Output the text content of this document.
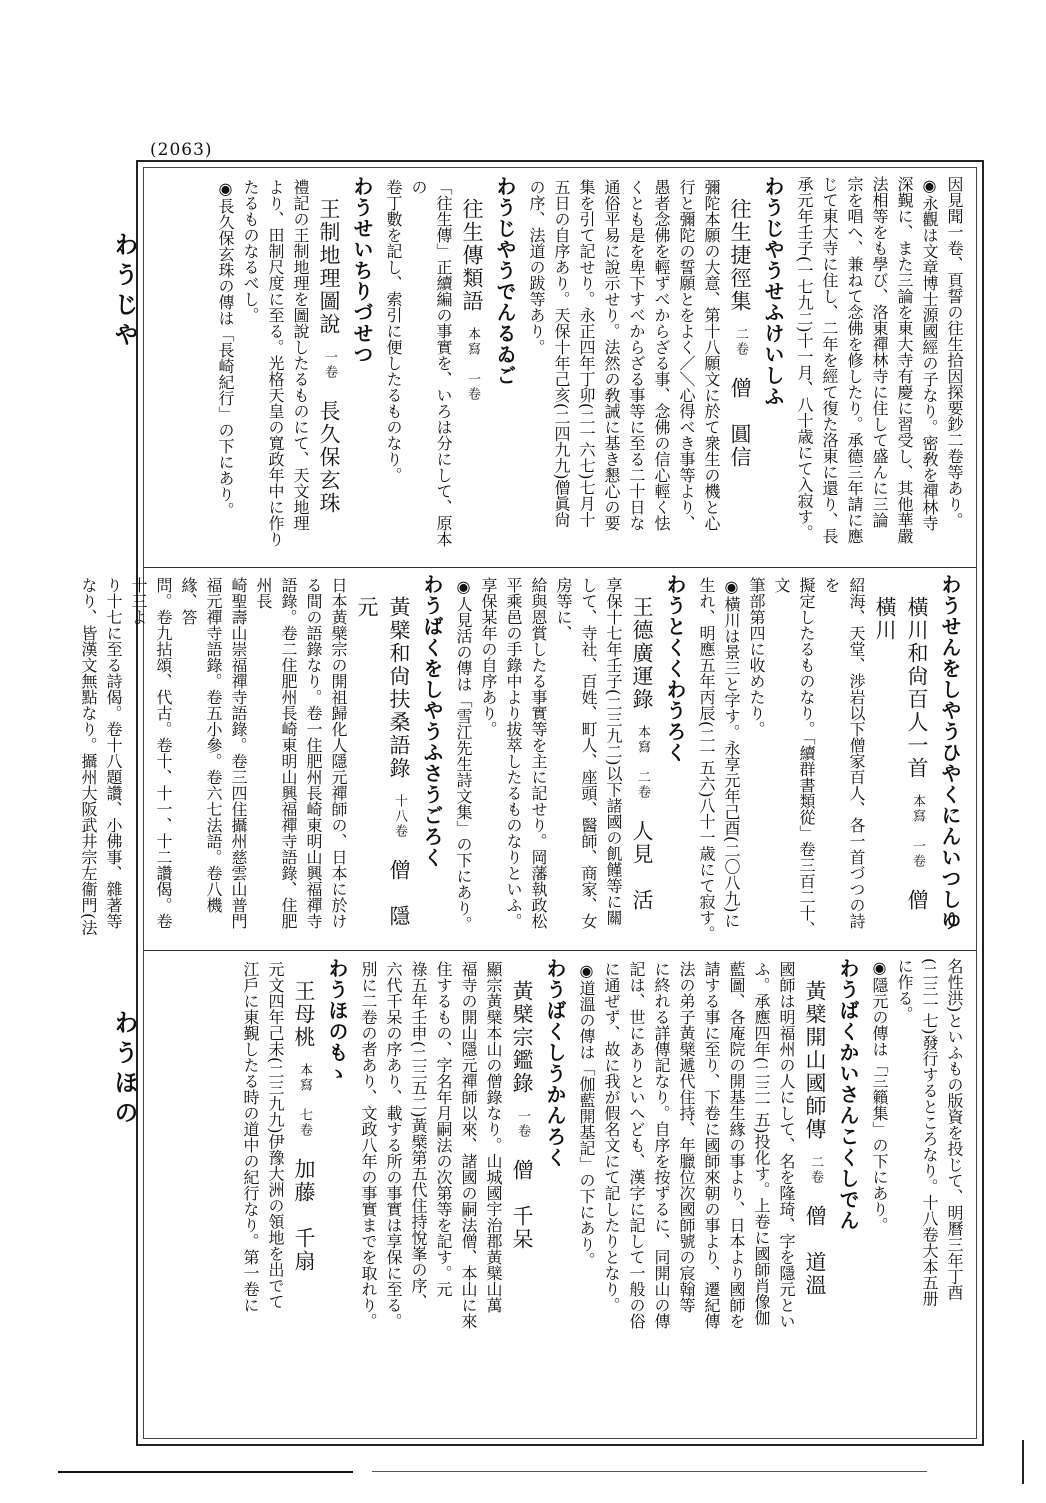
(2063)
わうじや
わうほの
因見聞一卷、頁誓の往生拾因探要鈔二卷等あり。
◉永觀は文章博士源國經の子なり。密敎を禪林寺
深覲に、また三論を東大寺有慶に習受し、其他華嚴
法相等をも學び、洛東禪林寺に住して盛んに三論
宗を唱へ、兼ねて念佛を修したり。承德三年請に應
じて東大寺に住し、二年を經て復た洛東に還り、長
承元年壬子(一七九二)十一月、八十歳にて入寂す。
わうじやうせふけいしふ
往生捷徑集二卷僧　圓信
彌陀本願の大意、第十八願文に於て衆生の機と心
行と彌陀の誓願とをよく／＼心得べき事等より、
愚者念佛を輕ずべからざる事、念佛の信心輕く怯
くとも是を卑下すべからざる事等に至る二十日な
通俗平易に說示せり。法然の敎誡に基き懇心の要
集を引て記せり。永正四年丁卯(二一六七)七月十
五日の自序あり。天保十年己亥(二四九九)僧眞尙
の序、法道の跋等あり。
わうじやうでんるゐご
往生傳類語本寫　一卷
「往生傳」正續編の事實を、いろは分にして、原本の
卷丁數を記し、索引に便したるものなり。
わうせいちりづせつ
王制地理圖說一卷長久保玄珠
禮記の王制地理を圖說したるものにて、天文地理
より、田制尺度に至る。光格天皇の寬政年中に作り
たるものなるべし。
◉長久保玄珠の傳は「長崎紀行」の下にあり。
わうせんをしやうひやくにんいつしゆ
橫川和尙百人一首本寫　一卷僧　橫川
紹海、天堂、渉岩以下僧家百人、各一首づつの詩を
擬定したるものなり。「續群書類從」卷三百二十、文
筆部第四に收めたり。
◉橫川は景三と字す。永享元年己酉(二〇八九)に
生れ、明應五年丙辰(二一五六)八十一歳にて寂す。
わうとくくわうろく
王德廣運錄本寫　二卷人見　活
享保十七年壬子(二三九二)以下諸國の飢饉等に關
して、寺社、百姓、町人、座頭、醫師、商家、女房等に、
給與恩賞したる事實等を主に記せり。岡藩執政松
平乘邑の手錄中より拔萃したるものなりといふ。
享保某年の自序あり。
◉人見活の傳は「雪江先生詩文集」の下にあり。
わうばくをしやうふさうごろく
黃檗和尙扶桑語錄十八卷僧　隱元
日本黃檗宗の開祖歸化人隱元禪師の、日本に於け
る間の語錄なり。卷一住肥州長崎東明山興福禪寺
語錄。卷二住肥州長崎東明山興福禪寺語錄、住肥州長
崎聖壽山崇福禪寺語錄。卷三四住攝州慈雲山普門
福元禪寺語錄。卷五小參。卷六七法語。卷八機緣、答
問。卷九拈頌、代古。卷十、十一、十二讚偈。卷十三よ
り十七に至る詩偈。卷十八題讚、小佛事、雜著等
なり、皆漢文無點なり。攝州大阪武井宗左衞門(法
名性洪)といふもの版資を投じて、明曆三年丁酉
(二三一七)發行するところなり。十八卷大本五册
に作る。
◉隱元の傳は「三籟集」の下にあり。
わうばくかいさんこくしでん
黃檗開山國師傳二卷僧　道溫
國師は明福州の人にして、名を隆琦、字を隱元とい
ふ。承應四年(二三一五)投化す。上卷に國師肖像伽
藍圖、各庵院の開基生緣の事より、日本より國師を
請する事に至り、下卷に國師來朝の事より、遷紀傳
法の弟子黃檗遞代住持、年臘位次國師號の宸翰等
に終れる詳傳記なり。自序を按ずるに、同開山の傳
記は、世にありといへども、漢字に記して一般の俗
に通ぜず、故に我が假名文にて記したりとなり。
◉道溫の傳は「伽藍開基記」の下にあり。
わうばくしうかんろく
黃檗宗鑑錄一卷僧　千呆
顯宗黃檗本山の僧錄なり。山城國宇治郡黃檗山萬
福寺の開山隱元禪師以來、諸國の嗣法僧、本山に來
住するもの、字名年月嗣法の次第等を記す。元
祿五年壬申(二三五二)黃檗第五代住持悅峯の序、
六代千呆の序あり、載する所の事實は享保に至る。
別に二卷の者あり、文政八年の事實までを取れり。
わうほのもゝ
王母桃本寫　七卷加藤　千扇
元文四年己未(二三九九)伊豫大洲の領地を出でて
江戶に東覲したる時の道中の紀行なり。第一卷に
